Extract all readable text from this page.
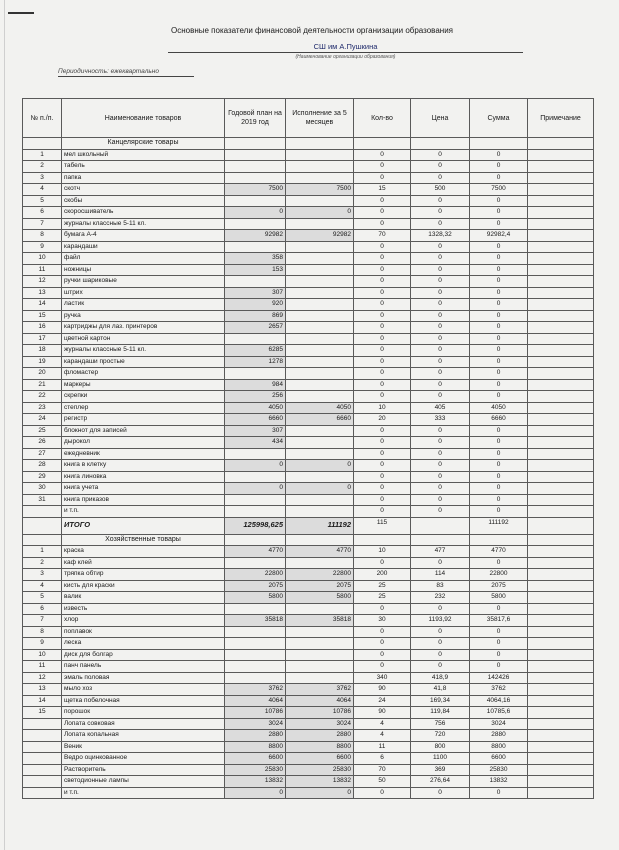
Основные показатели финансовой деятельности организации образования
СШ им А.Пушкина
(Наименование организации образования)
Периодичность: ежеквартально
№ п./п.	Наименование товаров	Годовой план на 2019 год	Исполнение за 5 месяцев	Кол-во	Цена	Сумма	Примечание
	Канцелярские товары						
1	мел школьный			0	0	0	
2	табель			0	0	0	
3	папка			0	0	0	
4	скотч	7500	7500	15	500	7500	
5	скобы			0	0	0	
6	скоросшиватель	0	0	0	0	0	
7	журналы классные 5-11 кл.			0	0	0	
8	бумага А-4	92982	92982	70	1328,32	92982,4	
9	карандаши			0	0	0	
10	файл	358		0	0	0	
11	ножницы	153		0	0	0	
12	ручки шариковые			0	0	0	
13	штрих	307		0	0	0	
14	ластик	920		0	0	0	
15	ручка	869		0	0	0	
16	картриджы для лаз. принтеров	2657		0	0	0	
17	цветной картон			0	0	0	
18	журналы классные 5-11 кл.	6285		0	0	0	
19	карандаши простые	1278		0	0	0	
20	фломастер			0	0	0	
21	маркеры	984		0	0	0	
22	скрепки	256		0	0	0	
23	степлер	4050	4050	10	405	4050	
24	регистр	6660	6660	20	333	6660	
25	блокнот для записей	307		0	0	0	
26	дырокол	434		0	0	0	
27	ежедневник			0	0	0	
28	книга в клетку	0	0	0	0	0	
29	книга линовка			0	0	0	
30	книга учета	0	0	0	0	0	
31	книга приказов			0	0	0	
	и т.п.			0	0	0	
	ИТОГО	125998,625	111192	115		111192	
	Хозяйственные товары						
1	краска	4770	4770	10	477	4770	
2	каф клей			0	0	0	
3	тряпка обтир	22800	22800	200	114	22800	
4	кисть для краски	2075	2075	25	83	2075	
5	валик	5800	5800	25	232	5800	
6	известь			0	0	0	
7	хлор	35818	35818	30	1193,92	35817,6	
8	поплавок			0	0	0	
9	леска			0	0	0	
10	диск для болгар			0	0	0	
11	панч панель			0	0	0	
12	эмаль половая			340	418,9	142426	
13	мыло хоз	3762	3762	90	41,8	3762	
14	щетка побелочная	4064	4064	24	169,34	4064,16	
15	порошок	10786	10786	90	119,84	10785,6	
	Лопата совковая	3024	3024	4	756	3024	
	Лопата копальная	2880	2880	4	720	2880	
	Веник	8800	8800	11	800	8800	
	Ведро оцинкованное	6600	6600	6	1100	6600	
	Растворитель	25830	25830	70	369	25830	
	светодионные лампы	13832	13832	50	276,64	13832	
	и т.п.	0	0	0	0	0	
